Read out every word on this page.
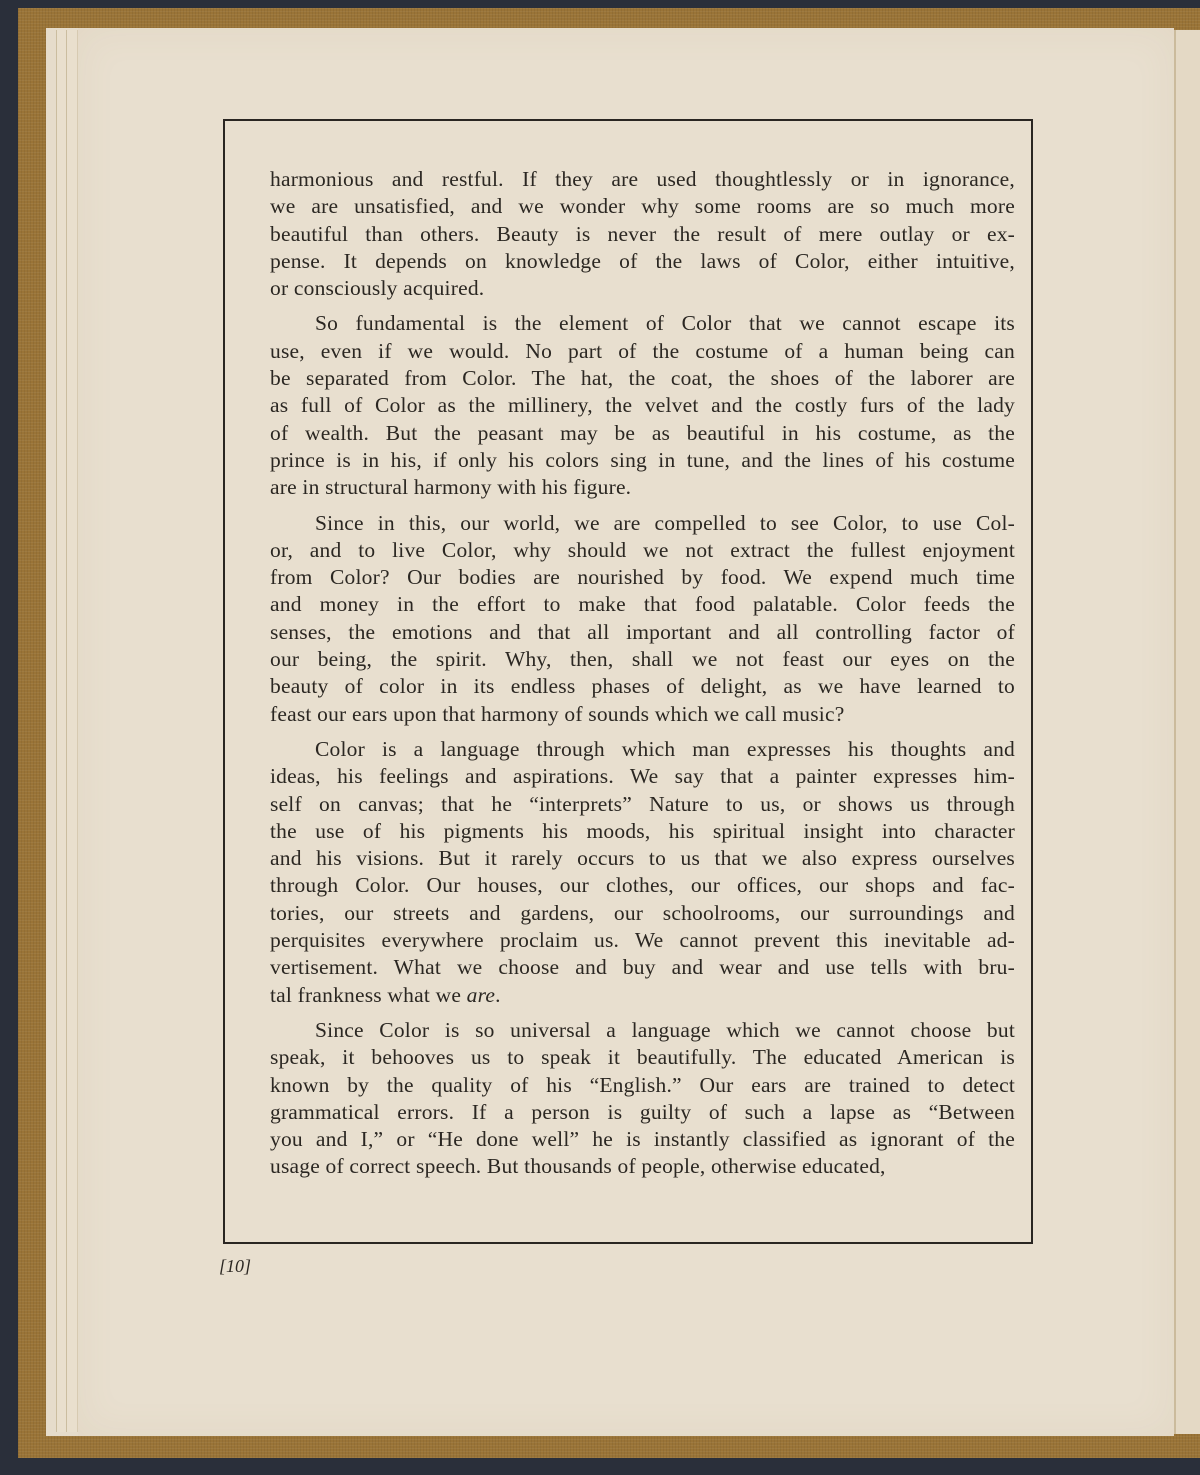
harmonious and restful. If they are used thoughtlessly or in ignorance,
we are unsatisfied, and we wonder why some rooms are so much more
beautiful than others. Beauty is never the result of mere outlay or ex-
pense. It depends on knowledge of the laws of Color, either intuitive,
or consciously acquired.
So fundamental is the element of Color that we cannot escape its
use, even if we would. No part of the costume of a human being can
be separated from Color. The hat, the coat, the shoes of the laborer are
as full of Color as the millinery, the velvet and the costly furs of the lady
of wealth. But the peasant may be as beautiful in his costume, as the
prince is in his, if only his colors sing in tune, and the lines of his costume
are in structural harmony with his figure.
Since in this, our world, we are compelled to see Color, to use Col-
or, and to live Color, why should we not extract the fullest enjoyment
from Color? Our bodies are nourished by food. We expend much time
and money in the effort to make that food palatable. Color feeds the
senses, the emotions and that all important and all controlling factor of
our being, the spirit. Why, then, shall we not feast our eyes on the
beauty of color in its endless phases of delight, as we have learned to
feast our ears upon that harmony of sounds which we call music?
Color is a language through which man expresses his thoughts and
ideas, his feelings and aspirations. We say that a painter expresses him-
self on canvas; that he “interprets” Nature to us, or shows us through
the use of his pigments his moods, his spiritual insight into character
and his visions. But it rarely occurs to us that we also express ourselves
through Color. Our houses, our clothes, our offices, our shops and fac-
tories, our streets and gardens, our schoolrooms, our surroundings and
perquisites everywhere proclaim us. We cannot prevent this inevitable ad-
vertisement. What we choose and buy and wear and use tells with bru-
tal frankness what we are.
Since Color is so universal a language which we cannot choose but
speak, it behooves us to speak it beautifully. The educated American is
known by the quality of his “English.” Our ears are trained to detect
grammatical errors. If a person is guilty of such a lapse as “Between
you and I,” or “He done well” he is instantly classified as ignorant of the
usage of correct speech. But thousands of people, otherwise educated,
[10]
